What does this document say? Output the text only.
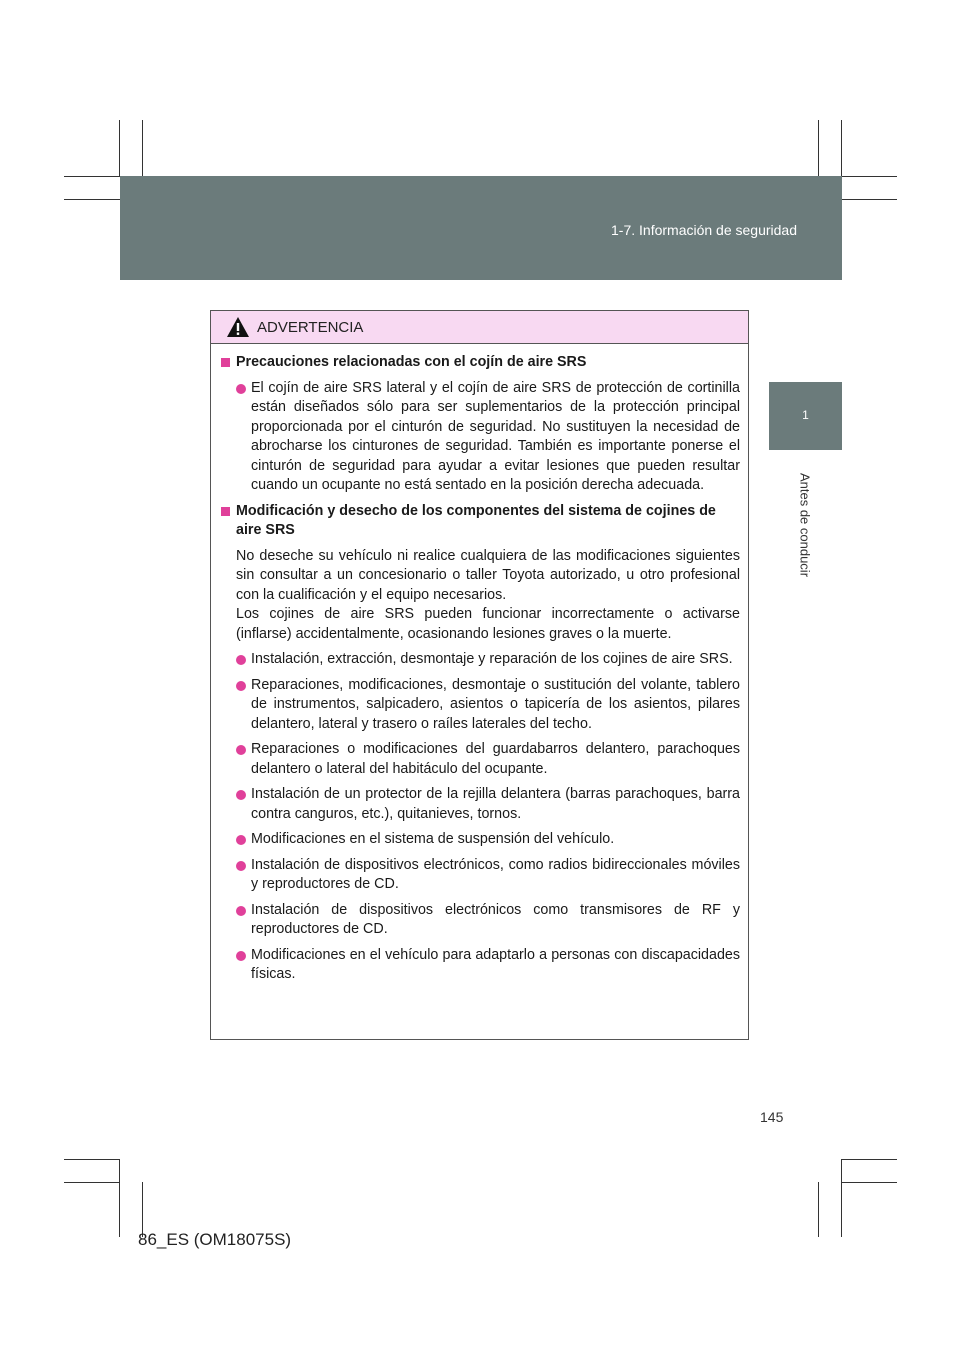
1-7. Información de seguridad
1
Antes de conducir
ADVERTENCIA
Precauciones relacionadas con el cojín de aire SRS
El cojín de aire SRS lateral y el cojín de aire SRS de protección de cortinilla están diseñados sólo para ser suplementarios de la protección principal proporcionada por el cinturón de seguridad. No sustituyen la necesidad de abrocharse los cinturones de seguridad. También es importante ponerse el cinturón de seguridad para ayudar a evitar lesiones que pueden resultar cuando un ocupante no está sentado en la posición derecha adecuada.
Modificación y desecho de los componentes del sistema de cojines de aire SRS
No deseche su vehículo ni realice cualquiera de las modificaciones siguientes sin consultar a un concesionario o taller Toyota autorizado, u otro profesional con la cualificación y el equipo necesarios.
Los cojines de aire SRS pueden funcionar incorrectamente o activarse (inflarse) accidentalmente, ocasionando lesiones graves o la muerte.
Instalación, extracción, desmontaje y reparación de los cojines de aire SRS.
Reparaciones, modificaciones, desmontaje o sustitución del volante, tablero de instrumentos, salpicadero, asientos o tapicería de los asientos, pilares delantero, lateral y trasero o raíles laterales del techo.
Reparaciones o modificaciones del guardabarros delantero, parachoques delantero o lateral del habitáculo del ocupante.
Instalación de un protector de la rejilla delantera (barras parachoques, barra contra canguros, etc.), quitanieves, tornos.
Modificaciones en el sistema de suspensión del vehículo.
Instalación de dispositivos electrónicos, como radios bidireccionales móviles y reproductores de CD.
Instalación de dispositivos electrónicos como transmisores de RF y reproductores de CD.
Modificaciones en el vehículo para adaptarlo a personas con discapacidades físicas.
145
86_ES (OM18075S)
